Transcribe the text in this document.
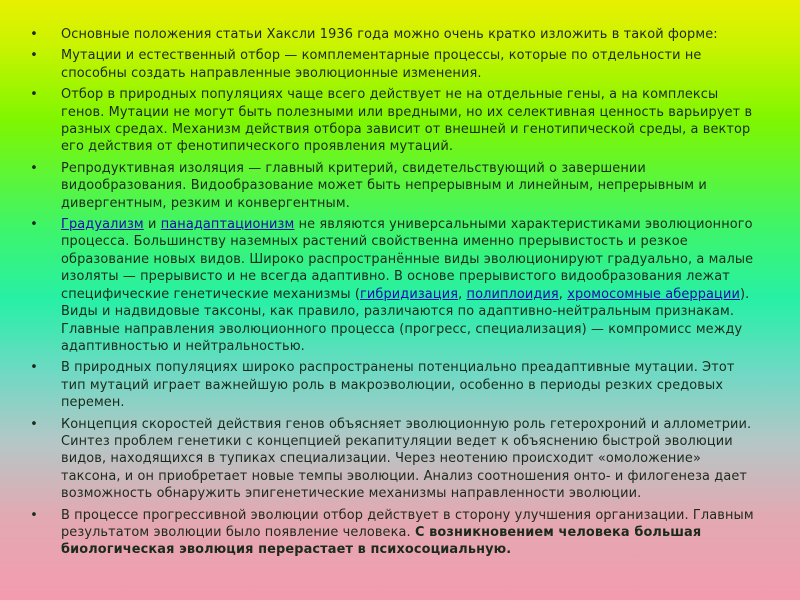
• Основные положения статьи Хаксли 1936 года можно очень кратко изложить в такой форме:
• Мутации и естественный отбор — комплементарные процессы, которые по отдельности не способны создать направленные эволюционные изменения.
• Отбор в природных популяциях чаще всего действует не на отдельные гены, а на комплексы генов. Мутации не могут быть полезными или вредными, но их селективная ценность варьирует в разных средах. Механизм действия отбора зависит от внешней и генотипической среды, а вектор его действия от фенотипического проявления мутаций.
• Репродуктивная изоляция — главный критерий, свидетельствующий о завершении видообразования. Видообразование может быть непрерывным и линейным, непрерывным и дивергентным, резким и конвергентным.
• Градуализм и панадаптационизм не являются универсальными характеристиками эволюционного процесса. Большинству наземных растений свойственна именно прерывистость и резкое образование новых видов. Широко распространённые виды эволюционируют градуально, а малые изоляты — прерывисто и не всегда адаптивно. В основе прерывистого видообразования лежат специфические генетические механизмы (гибридизация, полиплоидия, хромосомные аберрации). Виды и надвидовые таксоны, как правило, различаются по адаптивно-нейтральным признакам. Главные направления эволюционного процесса (прогресс, специализация) — компромисс между адаптивностью и нейтральностью.
• В природных популяциях широко распространены потенциально преадаптивные мутации. Этот тип мутаций играет важнейшую роль в макроэволюции, особенно в периоды резких средовых перемен.
• Концепция скоростей действия генов объясняет эволюционную роль гетерохроний и аллометрии. Синтез проблем генетики с концепцией рекапитуляции ведет к объяснению быстрой эволюции видов, находящихся в тупиках специализации. Через неотению происходит «омоложение» таксона, и он приобретает новые темпы эволюции. Анализ соотношения онто- и филогенеза дает возможность обнаружить эпигенетические механизмы направленности эволюции.
• В процессе прогрессивной эволюции отбор действует в сторону улучшения организации. Главным результатом эволюции было появление человека. С возникновением человека большая биологическая эволюция перерастает в психосоциальную.
